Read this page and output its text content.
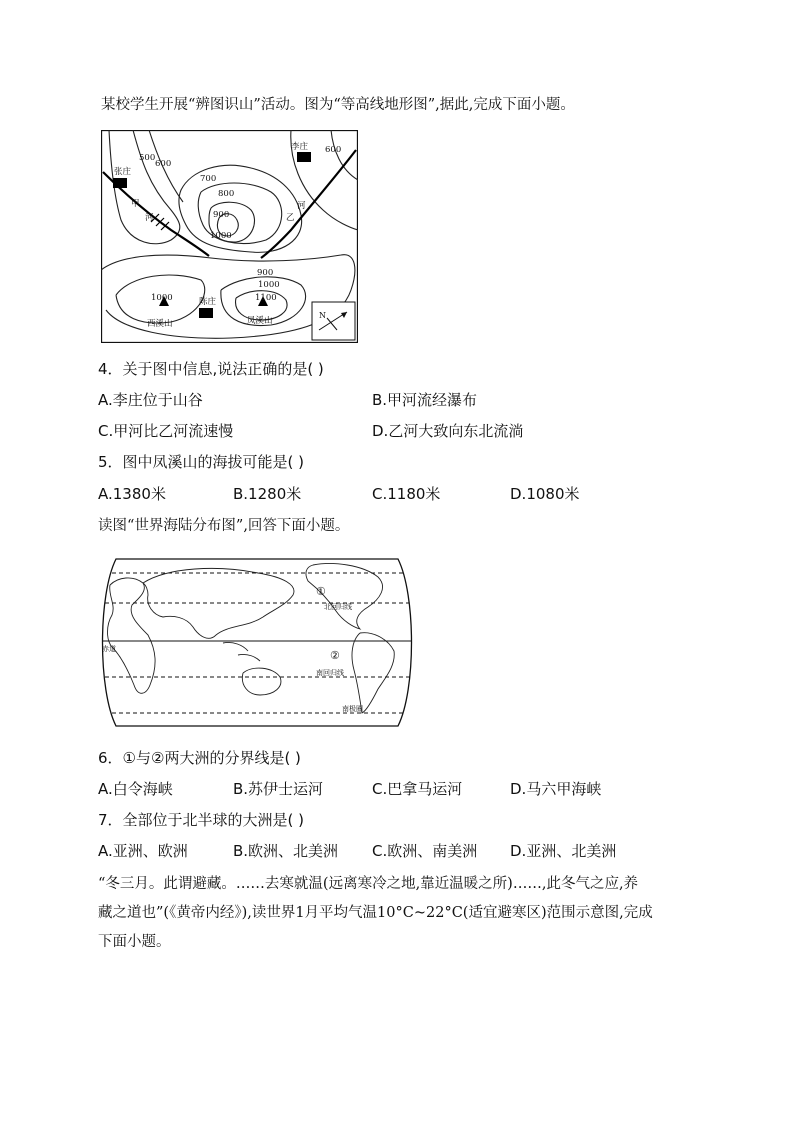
某校学生开展“辨图识山”活动。图为“等高线地形图”,据此,完成下面小题。
张庄
李庄
陈庄
甲
河	乙
河
西溪山	凤溪山
500
600
700
800
900
1000
600
900
1000
1000	1100
N
4．关于图中信息,说法正确的是( )
A.李庄位于山谷	B.甲河流经瀑布
C.甲河比乙河流速慢	D.乙河大致向东北流淌
5．图中凤溪山的海拔可能是( )
A.1380米	B.1280米	C.1180米	D.1080米
读图“世界海陆分布图”,回答下面小题。
①
②
北回归线
赤道
南回归线
南极圈
6．①与②两大洲的分界线是( )
A.白令海峡	B.苏伊士运河	C.巴拿马运河	D.马六甲海峡
7．全部位于北半球的大洲是( )
A.亚洲、欧洲	B.欧洲、北美洲 C.欧洲、南美洲 D.亚洲、北美洲
“冬三月。此谓避藏。……去寒就温(远离寒冷之地,靠近温暖之所)……,此冬气之应,养
藏之道也”(《黄帝内经》),读世界1月平均气温10°C~22°C(适宜避寒区)范围示意图,完成
下面小题。
